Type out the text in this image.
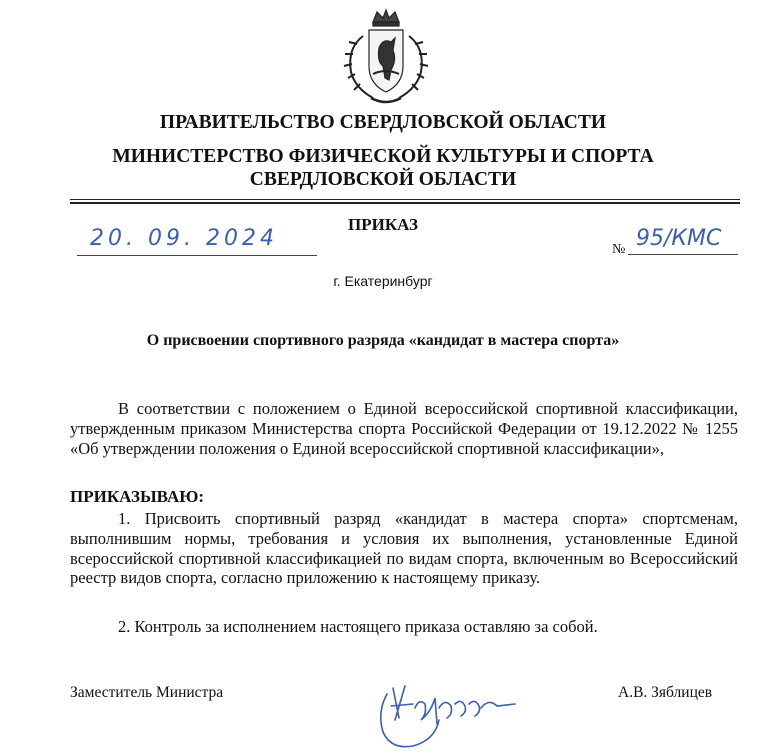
ПРАВИТЕЛЬСТВО СВЕРДЛОВСКОЙ ОБЛАСТИ
МИНИСТЕРСТВО ФИЗИЧЕСКОЙ КУЛЬТУРЫ И СПОРТА
СВЕРДЛОВСКОЙ ОБЛАСТИ
ПРИКАЗ
20. 09. 2024	№ 95/КМС
г. Екатеринбург
О присвоении спортивного разряда «кандидат в мастера спорта»
В соответствии с положением о Единой всероссийской спортивной классификации, утвержденным приказом Министерства спорта Российской Федерации от 19.12.2022 № 1255 «Об утверждении положения о Единой всероссийской спортивной классификации»,
ПРИКАЗЫВАЮ:
1. Присвоить спортивный разряд «кандидат в мастера спорта» спортсменам, выполнившим нормы, требования и условия их выполнения, установленные Единой всероссийской спортивной классификацией по видам спорта, включенным во Всероссийский реестр видов спорта, согласно приложению к настоящему приказу.
2. Контроль за исполнением настоящего приказа оставляю за собой.
Заместитель Министра	А.В. Зяблицев
